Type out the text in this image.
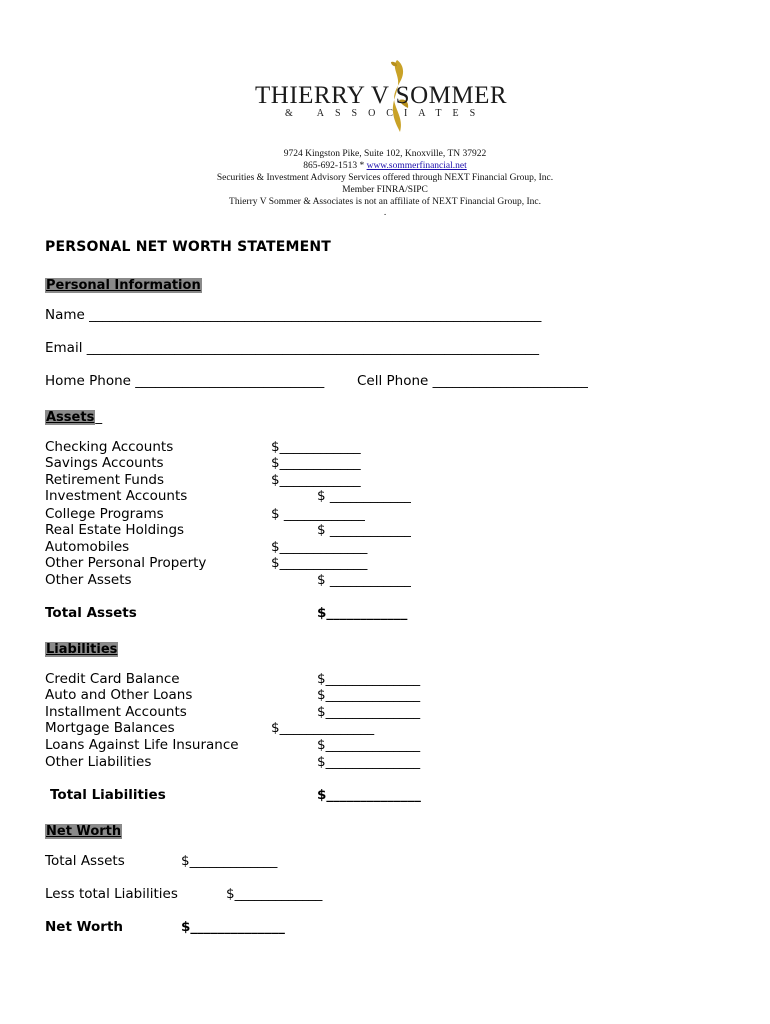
THIERRY V SOMMER
& ASSOCIATES
9724 Kingston Pike, Suite 102, Knoxville, TN 37922
865-692-1513 * www.sommerfinancial.net
Securities & Investment Advisory Services offered through NEXT Financial Group, Inc.
Member FINRA/SIPC
Thierry V Sommer & Associates is not an affiliate of NEXT Financial Group, Inc.
.
PERSONAL NET WORTH STATEMENT
Personal Information
Name ___________________________________________________________________
Email ___________________________________________________________________
Home Phone ____________________________ Cell Phone _______________________
Assets_
Checking Accounts	$____________
Savings Accounts	$____________
Retirement Funds	$____________
Investment Accounts	$ ____________
College Programs	$ ____________
Real Estate Holdings	$ ____________
Automobiles	$_____________
Other Personal Property	$_____________
Other Assets	$ ____________
Total Assets	$____________
Liabilities
Credit Card Balance	$______________
Auto and Other Loans	$______________
Installment Accounts	$______________
Mortgage Balances	$______________
Loans Against Life Insurance	$______________
Other Liabilities	$______________
Total Liabilities	$______________
Net Worth
Total Assets	$_____________
Less total Liabilities	$_____________
Net Worth	$______________
